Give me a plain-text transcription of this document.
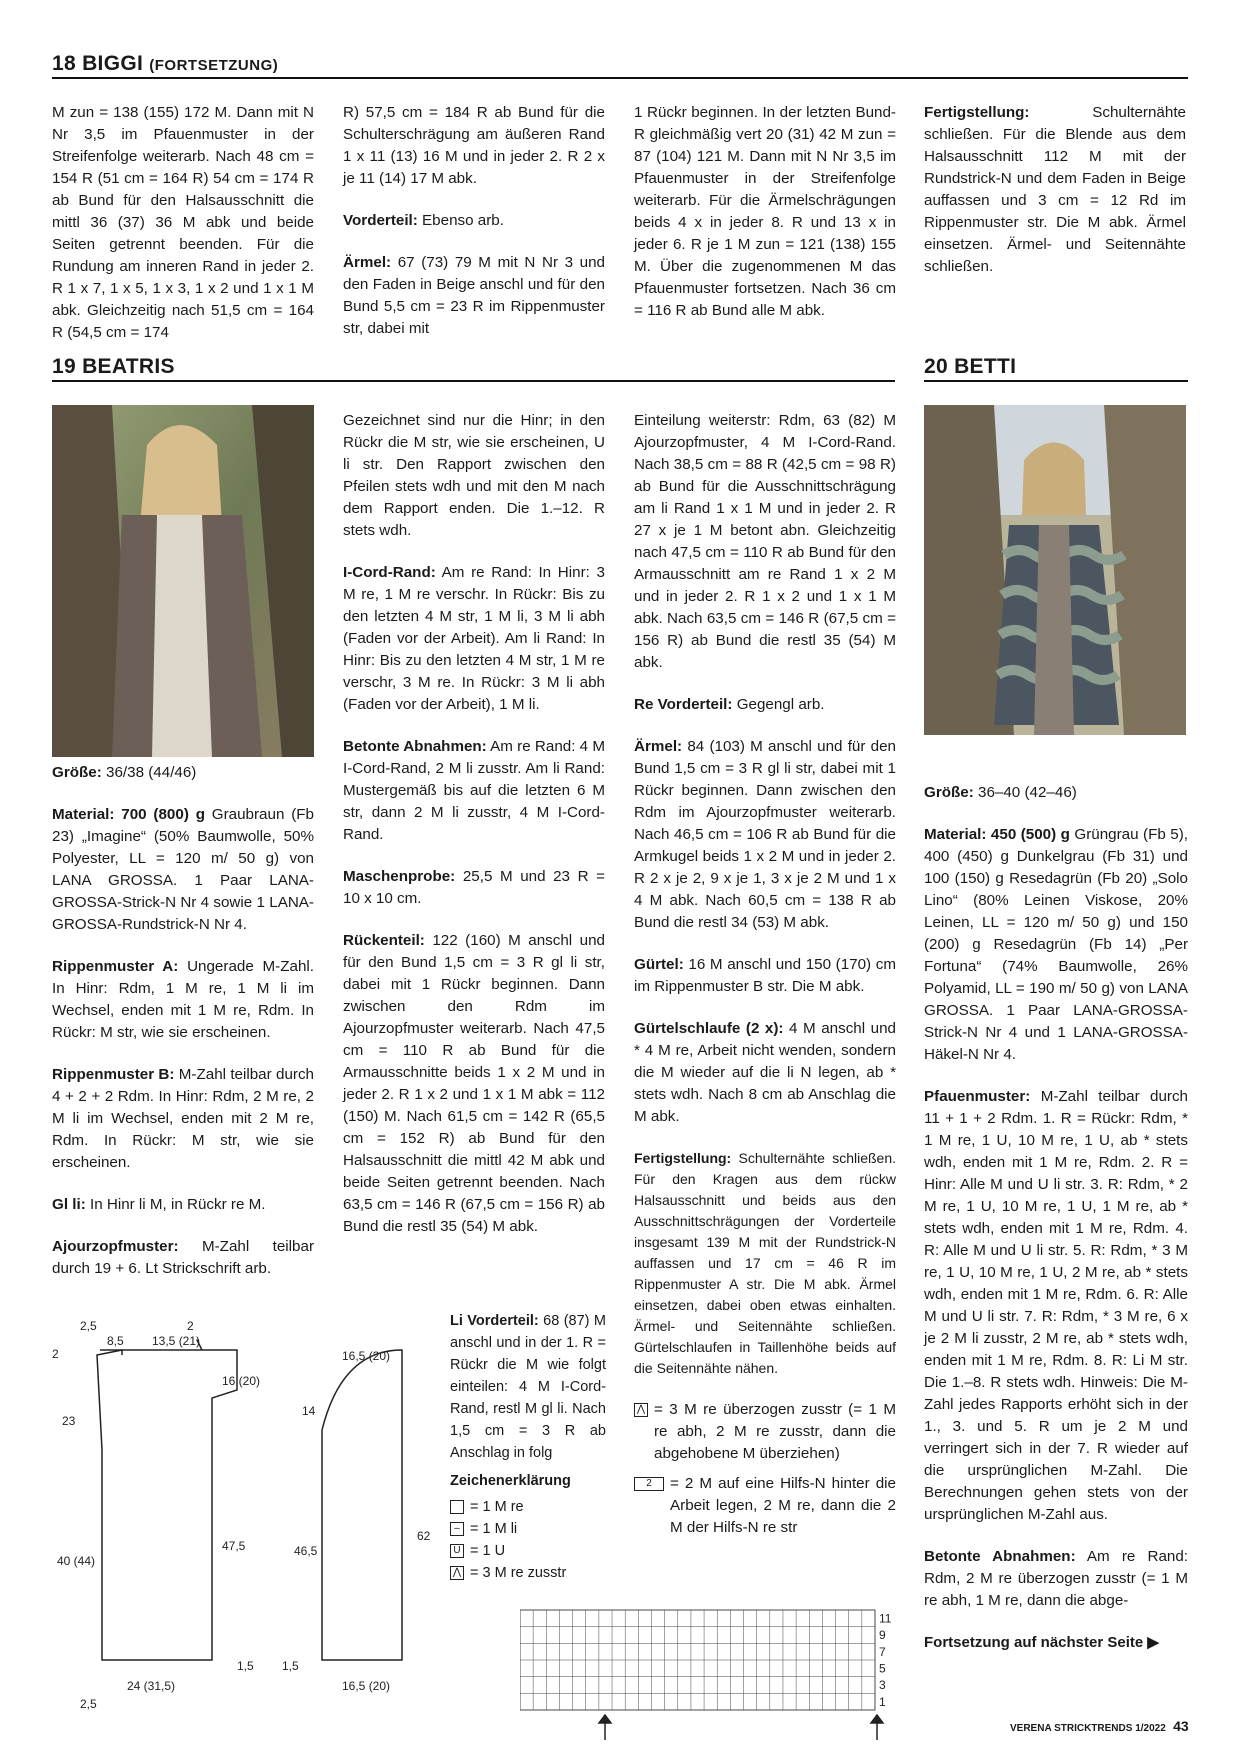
18 BIGGI (FORTSETZUNG)

M zun = 138 (155) 172 M. Dann mit N Nr 3,5 im Pfauenmuster in der Streifenfolge weiterarb. Nach 48 cm = 154 R (51 cm = 164 R) 54 cm = 174 R ab Bund für den Halsausschnitt die mittl 36 (37) 36 M abk und beide Seiten getrennt beenden. Für die Rundung am inneren Rand in jeder 2. R 1 x 7, 1 x 5, 1 x 3, 1 x 2 und 1 x 1 M abk. Gleichzeitig nach 51,5 cm = 164 R (54,5 cm = 174

R) 57,5 cm = 184 R ab Bund für die Schulterschrägung am äußeren Rand 1 x 11 (13) 16 M und in jeder 2. R 2 x je 11 (14) 17 M abk.

Vorderteil: Ebenso arb.

Ärmel: 67 (73) 79 M mit N Nr 3 und den Faden in Beige anschl und für den Bund 5,5 cm = 23 R im Rippenmuster str, dabei mit

1 Rückr beginnen. In der letzten Bund-R gleichmäßig vert 20 (31) 42 M zun = 87 (104) 121 M. Dann mit N Nr 3,5 im Pfauenmuster in der Streifenfolge weiterarb. Für die Ärmelschrägungen beids 4 x in jeder 8. R und 13 x in jeder 6. R je 1 M zun = 121 (138) 155 M. Über die zugenommenen M das Pfauenmuster fortsetzen. Nach 36 cm = 116 R ab Bund alle M abk.

Fertigstellung: Schulternähte schließen. Für die Blende aus dem Halsausschnitt 112 M mit der Rundstrick-N und dem Faden in Beige auffassen und 3 cm = 12 Rd im Rippenmuster str. Die M abk. Ärmel einsetzen. Ärmel- und Seitennähte schließen.

19 BEATRIS	20 BETTI

Größe: 36/38 (44/46)

Material: 700 (800) g Graubraun (Fb 23) „Imagine“ (50% Baumwolle, 50% Polyester, LL = 120 m/ 50 g) von LANA GROSSA. 1 Paar LANA-GROSSA-Strick-N Nr 4 sowie 1 LANA-GROSSA-Rundstrick-N Nr 4.

Rippenmuster A: Ungerade M-Zahl. In Hinr: Rdm, 1 M re, 1 M li im Wechsel, enden mit 1 M re, Rdm. In Rückr: M str, wie sie erscheinen.

Rippenmuster B: M-Zahl teilbar durch 4 + 2 + 2 Rdm. In Hinr: Rdm, 2 M re, 2 M li im Wechsel, enden mit 2 M re, Rdm. In Rückr: M str, wie sie erscheinen.

Gl li: In Hinr li M, in Rückr re M.

Ajourzopfmuster: M-Zahl teilbar durch 19 + 6. Lt Strickschrift arb.

Gezeichnet sind nur die Hinr; in den Rückr die M str, wie sie erscheinen, U li str. Den Rapport zwischen den Pfeilen stets wdh und mit den M nach dem Rapport enden. Die 1.–12. R stets wdh.

I-Cord-Rand: Am re Rand: In Hinr: 3 M re, 1 M re verschr. In Rückr: Bis zu den letzten 4 M str, 1 M li, 3 M li abh (Faden vor der Arbeit). Am li Rand: In Hinr: Bis zu den letzten 4 M str, 1 M re verschr, 3 M re. In Rückr: 3 M li abh (Faden vor der Arbeit), 1 M li.

Betonte Abnahmen: Am re Rand: 4 M I-Cord-Rand, 2 M li zusstr. Am li Rand: Mustergemäß bis auf die letzten 6 M str, dann 2 M li zusstr, 4 M I-Cord-Rand.

Maschenprobe: 25,5 M und 23 R = 10 x 10 cm.

Rückenteil: 122 (160) M anschl und für den Bund 1,5 cm = 3 R gl li str, dabei mit 1 Rückr beginnen. Dann zwischen den Rdm im Ajourzopfmuster weiterarb. Nach 47,5 cm = 110 R ab Bund für die Armausschnitte beids 1 x 2 M und in jeder 2. R 1 x 2 und 1 x 1 M abk = 112 (150) M. Nach 61,5 cm = 142 R (65,5 cm = 152 R) ab Bund für den Halsausschnitt die mittl 42 M abk und beide Seiten getrennt beenden. Nach 63,5 cm = 146 R (67,5 cm = 156 R) ab Bund die restl 35 (54) M abk.

Li Vorderteil: 68 (87) M anschl und in der 1. R = Rückr die M wie folgt einteilen: 4 M I-Cord-Rand, restl M gl li. Nach 1,5 cm = 3 R ab Anschlag in folg

Zeichenerklärung
= 1 M re
– = 1 M li
U = 1 U
⋀ = 3 M re zusstr

Einteilung weiterstr: Rdm, 63 (82) M Ajourzopfmuster, 4 M I-Cord-Rand. Nach 38,5 cm = 88 R (42,5 cm = 98 R) ab Bund für die Ausschnittschrägung am li Rand 1 x 1 M und in jeder 2. R 27 x je 1 M betont abn. Gleichzeitig nach 47,5 cm = 110 R ab Bund für den Armausschnitt am re Rand 1 x 2 M und in jeder 2. R 1 x 2 und 1 x 1 M abk. Nach 63,5 cm = 146 R (67,5 cm = 156 R) ab Bund die restl 35 (54) M abk.

Re Vorderteil: Gegengl arb.

Ärmel: 84 (103) M anschl und für den Bund 1,5 cm = 3 R gl li str, dabei mit 1 Rückr beginnen. Dann zwischen den Rdm im Ajourzopfmuster weiterarb. Nach 46,5 cm = 106 R ab Bund für die Armkugel beids 1 x 2 M und in jeder 2. R 2 x je 2, 9 x je 1, 3 x je 2 M und 1 x 4 M abk. Nach 60,5 cm = 138 R ab Bund die restl 34 (53) M abk.

Gürtel: 16 M anschl und 150 (170) cm im Rippenmuster B str. Die M abk.

Gürtelschlaufe (2 x): 4 M anschl und * 4 M re, Arbeit nicht wenden, sondern die M wieder auf die li N legen, ab * stets wdh. Nach 8 cm ab Anschlag die M abk.

Fertigstellung: Schulternähte schließen. Für den Kragen aus dem rückw Halsausschnitt und beids aus den Ausschnittschrägungen der Vorderteile insgesamt 139 M mit der Rundstrick-N auffassen und 17 cm = 46 R im Rippenmuster A str. Die M abk. Ärmel einsetzen, dabei oben etwas einhalten. Ärmel- und Seitennähte schließen. Gürtelschlaufen in Taillenhöhe beids auf die Seitennähte nähen.

⋀ = 3 M re überzogen zusstr (= 1 M re abh, 2 M re zusstr, dann die abgehobene M überziehen)
2	= 2 M auf eine Hilfs-N hinter die Arbeit legen, 2 M re, dann die 2 M der Hilfs-N re str
2,5
8,5 13,5 (21)
2
2
16 (20)
23
47,5
40 (44)
1,5
24 (31,5)
2,5
16,5 (20)
14
62
46,5
1,5
16,5 (20)
11
9
7
5
3
1

Größe: 36–40 (42–46)

Material: 450 (500) g Grüngrau (Fb 5), 400 (450) g Dunkelgrau (Fb 31) und 100 (150) g Resedagrün (Fb 20) „Solo Lino“ (80% Leinen Viskose, 20% Leinen, LL = 120 m/ 50 g) und 150 (200) g Resedagrün (Fb 14) „Per Fortuna“ (74% Baumwolle, 26% Polyamid, LL = 190 m/ 50 g) von LANA GROSSA. 1 Paar LANA-GROSSA-Strick-N Nr 4 und 1 LANA-GROSSA-Häkel-N Nr 4.

Pfauenmuster: M-Zahl teilbar durch 11 + 1 + 2 Rdm. 1. R = Rückr: Rdm, * 1 M re, 1 U, 10 M re, 1 U, ab * stets wdh, enden mit 1 M re, Rdm. 2. R = Hinr: Alle M und U li str. 3. R: Rdm, * 2 M re, 1 U, 10 M re, 1 U, 1 M re, ab * stets wdh, enden mit 1 M re, Rdm. 4. R: Alle M und U li str. 5. R: Rdm, * 3 M re, 1 U, 10 M re, 1 U, 2 M re, ab * stets wdh, enden mit 1 M re, Rdm. 6. R: Alle M und U li str. 7. R: Rdm, * 3 M re, 6 x je 2 M li zusstr, 2 M re, ab * stets wdh, enden mit 1 M re, Rdm. 8. R: Li M str. Die 1.–8. R stets wdh. Hinweis: Die M-Zahl jedes Rapports erhöht sich in der 1., 3. und 5. R um je 2 M und verringert sich in der 7. R wieder auf die ursprünglichen M-Zahl. Die Berechnungen gehen stets von der ursprünglichen M-Zahl aus.

Betonte Abnahmen: Am re Rand: Rdm, 2 M re überzogen zusstr (= 1 M re abh, 1 M re, dann die abge-

Fortsetzung auf nächster Seite ▶

VERENA STRICKTRENDS 1/2022 43
